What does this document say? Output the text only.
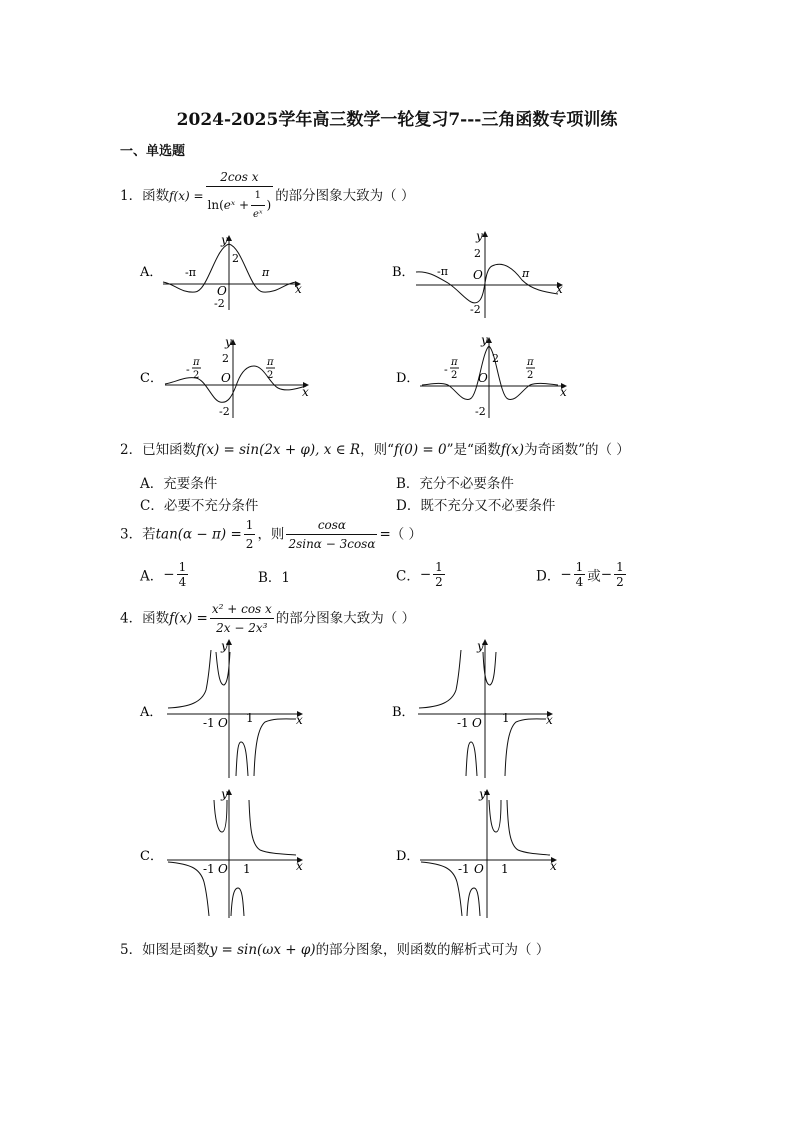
2024-2025学年高三数学一轮复习7---三角函数专项训练
一、单选题
1．函数$f(x) = \frac{\text{2cos x}}{\ln(eˣ + \frac{1}{\text{eˣ}} )}$ 的部分图象大致为（ ）
A． -π	π
2
-2
O	x
y
B． -π	π
2
-2
O
x
y
C．
-
π
2
π
2
2
-2
O
x
y
D．
-
π
2
π
2
2
-2
O
x
y
2．已知函数f(x) = sin(2x + φ), x ∈ R，则“f(0) = 0”是“函数f(x)为奇函数”的（ ）
A．充要条件	B．充分不必要条件
C．必要不充分条件	D．既不充分又不必要条件
3．若$\tan(\alpha - \pi) = \frac{1}{2}$ ，则 $\frac{\cos\alpha}{2\sin\alpha - 3\cos\alpha}$ =（ ）
A．− $\frac{1}{4}$	B．1	C．− $\frac{1}{2}$	D．− $\frac{1}{4}$ 或− $\frac{1}{2}$
4．函数$f(x) = \frac{\text{x² + cos x}}{\text{2x − 2x³}}$ 的部分图象大致为（ ）
A．
-1 O 1	x
y
B．
-1 O 1	x
y
C．
-1 O 1	x
y
D．
-1 O 1	x
y
5．如图是函数y = sin(ωx + φ)的部分图象，则函数的解析式可为（ ）
